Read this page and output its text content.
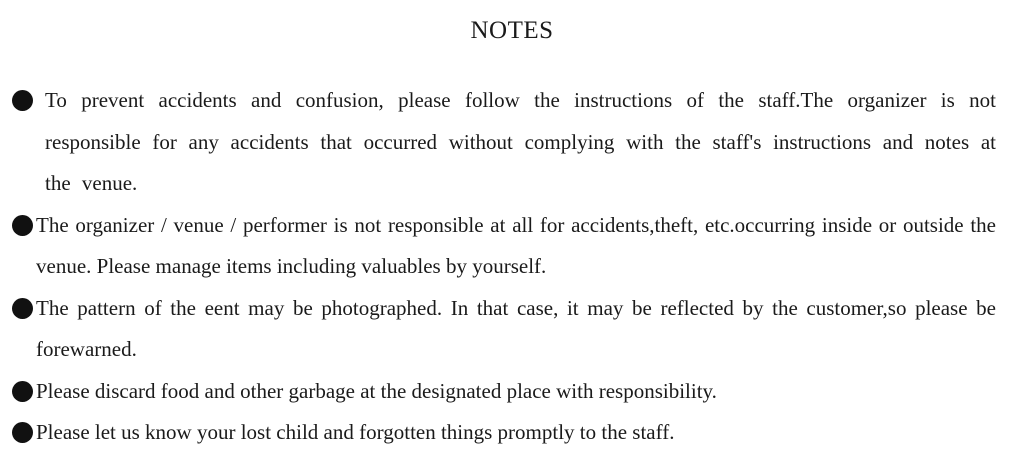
NOTES
To prevent accidents and confusion, please follow the instructions of the staff.The organizer is not responsible for any accidents that occurred without complying with the staff's instructions and notes at the venue.
The organizer / venue / performer is not responsible at all for accidents,theft, etc.occurring inside or outside the venue. Please manage items including valuables by yourself.
The pattern of the eent may be photographed. In that case, it may be reflected by the customer,so please be forewarned.
Please discard food and other garbage at the designated place with responsibility.
Please let us know your lost child and forgotten things promptly to the staff.
